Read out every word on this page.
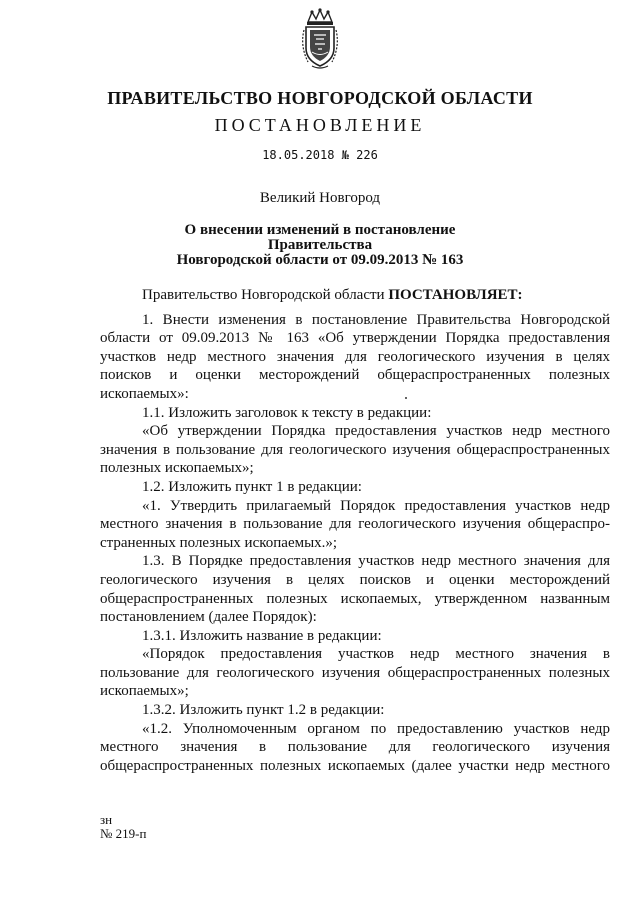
ПРАВИТЕЛЬСТВО НОВГОРОДСКОЙ ОБЛАСТИ
ПОСТАНОВЛЕНИЕ
18.05.2018 № 226
Великий Новгород
О внесении изменений в постановление Правительства
Новгородской области от 09.09.2013 № 163
Правительство Новгородской области ПОСТАНОВЛЯЕТ:
1. Внести изменения в постановление Правительства Новгородской
области от 09.09.2013 № 163 «Об утверждении Порядка предоставления
участков недр местного значения для геологического изучения в целях
поисков и оценки месторождений общераспространенных полезных
ископаемых»:
1.1. Изложить заголовок к тексту в редакции:
«Об утверждении Порядка предоставления участков недр местного
значения в пользование для геологического изучения общераспространенных
полезных ископаемых»;
1.2. Изложить пункт 1 в редакции:
«1. Утвердить прилагаемый Порядок предоставления участков недр
местного значения в пользование для геологического изучения общераспро-
страненных полезных ископаемых.»;
1.3. В Порядке предоставления участков недр местного значения для
геологического изучения в целях поисков и оценки месторождений
общераспространенных полезных ископаемых, утвержденном названным
постановлением (далее Порядок):
1.3.1. Изложить название в редакции:
«Порядок предоставления участков недр местного значения в
пользование для геологического изучения общераспространенных полезных
ископаемых»;
1.3.2. Изложить пункт 1.2 в редакции:
«1.2. Уполномоченным органом по предоставлению участков недр
местного значения в пользование для геологического изучения
общераспространенных полезных ископаемых (далее участки недр местного
зн
№ 219-п
